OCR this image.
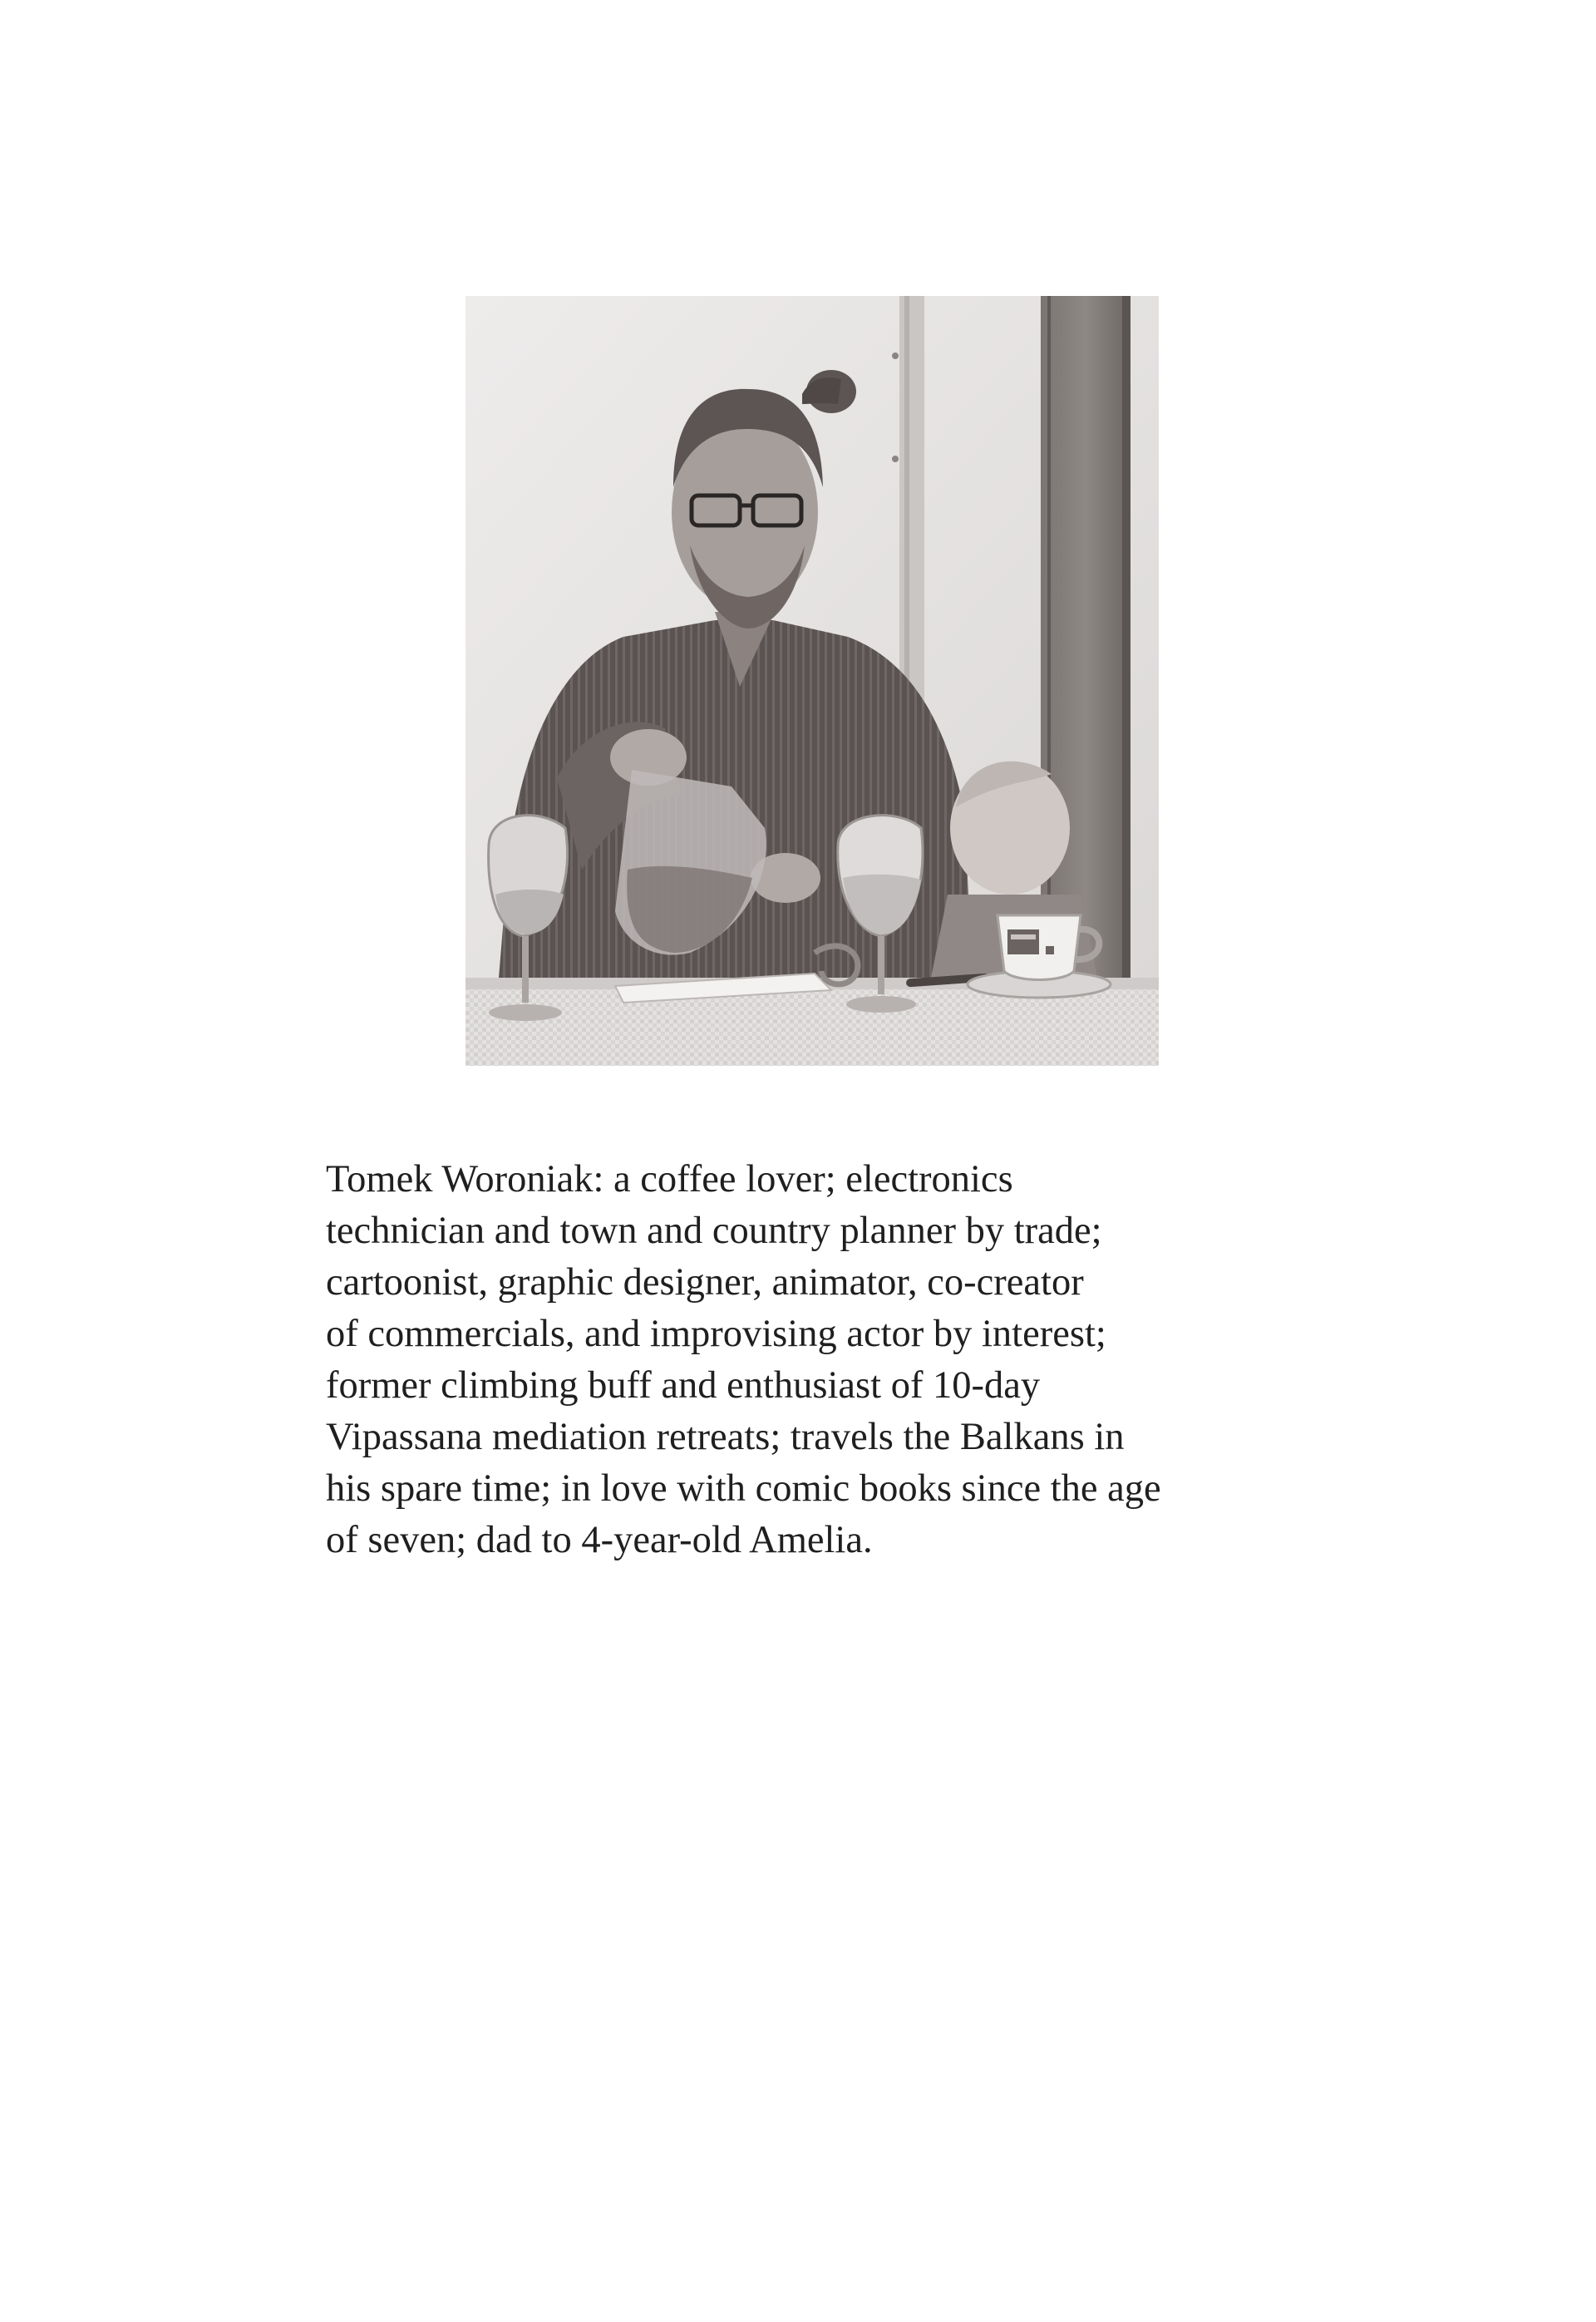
Tomek Woroniak: a coffee lover; electronics
technician and town and country planner by trade;
cartoonist, graphic designer, animator, co-creator
of commercials, and improvising actor by interest;
former climbing buff and enthusiast of 10-day
Vipassana mediation retreats; travels the Balkans in
his spare time; in love with comic books since the age
of seven; dad to 4-year-old Amelia.
